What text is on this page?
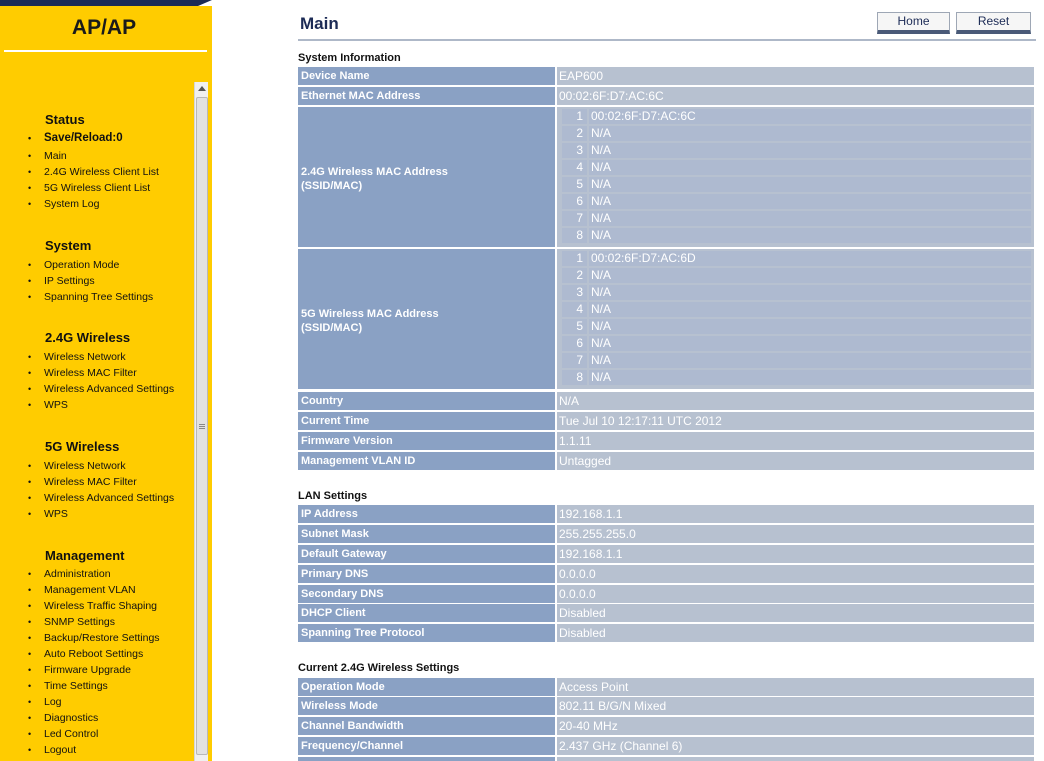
AP/AP
Status
• Save/Reload:0
• Main
• 2.4G Wireless Client List
• 5G Wireless Client List
• System Log
System
• Operation Mode
• IP Settings
• Spanning Tree Settings
2.4G Wireless
• Wireless Network
• Wireless MAC Filter
• Wireless Advanced Settings
• WPS
5G Wireless
• Wireless Network
• Wireless MAC Filter
• Wireless Advanced Settings
• WPS
Management
• Administration
• Management VLAN
• Wireless Traffic Shaping
• SNMP Settings
• Backup/Restore Settings
• Auto Reboot Settings
• Firmware Upgrade
• Time Settings
• Log
• Diagnostics
• Led Control
• Logout
Main	Home	Reset
System Information
Device Name	EAP600
Ethernet MAC Address	00:02:6F:D7:AC:6C
2.4G Wireless MAC Address
(SSID/MAC)
1 00:02:6F:D7:AC:6C
2 N/A
3 N/A
4 N/A
5 N/A
6 N/A
7 N/A
8 N/A
5G Wireless MAC Address
(SSID/MAC)
1 00:02:6F:D7:AC:6D
2 N/A
3 N/A
4 N/A
5 N/A
6 N/A
7 N/A
8 N/A
Country	N/A
Current Time	Tue Jul 10 12:17:11 UTC 2012
Firmware Version	1.1.11
Management VLAN ID	Untagged
LAN Settings
IP Address	192.168.1.1
Subnet Mask	255.255.255.0
Default Gateway	192.168.1.1
Primary DNS	0.0.0.0
Secondary DNS	0.0.0.0
DHCP Client	Disabled
Spanning Tree Protocol	Disabled
Current 2.4G Wireless Settings
Operation Mode	Access Point
Wireless Mode	802.11 B/G/N Mixed
Channel Bandwidth	20-40 MHz
Frequency/Channel	2.437 GHz (Channel 6)
